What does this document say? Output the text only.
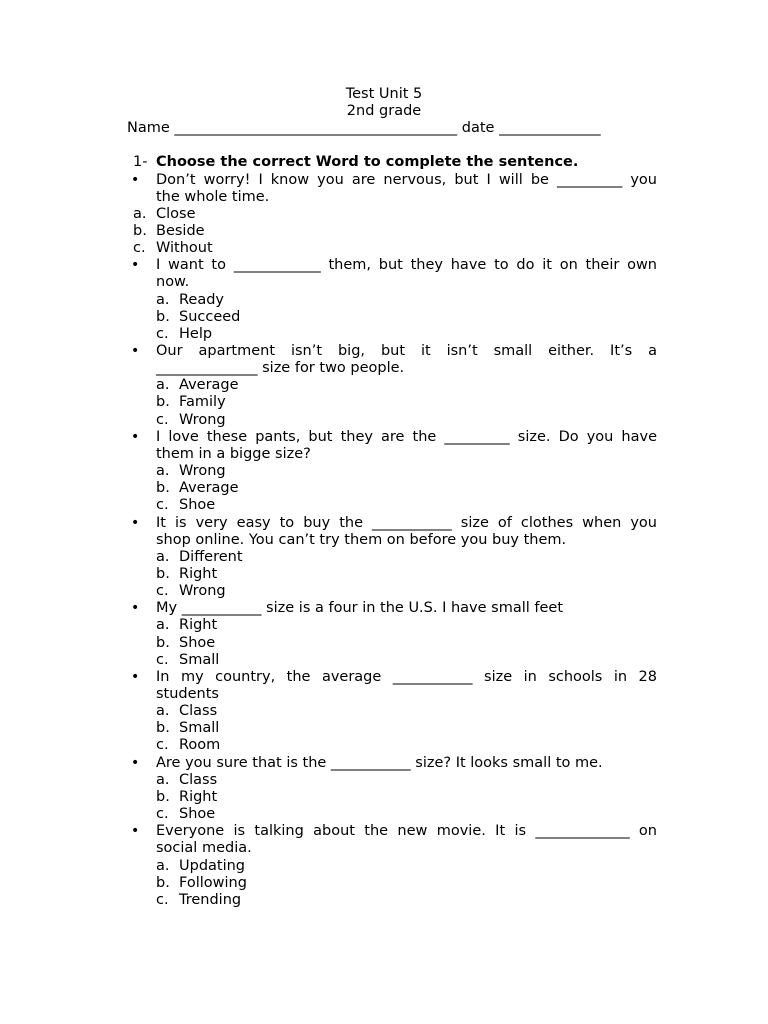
Test Unit 5
2nd grade
Name _______________________________________ date ______________
1- Choose the correct Word to complete the sentence.
• Don’t worry! I know you are nervous, but I will be _________ you
the whole time.
a. Close
b. Beside
c. Without
• I want to ____________ them, but they have to do it on their own
now.
a. Ready
b. Succeed
c. Help
• Our apartment isn’t big, but it isn’t small either. It’s a
______________ size for two people.
a. Average
b. Family
c. Wrong
• I love these pants, but they are the _________ size. Do you have
them in a bigge size?
a. Wrong
b. Average
c. Shoe
• It is very easy to buy the ___________ size of clothes when you
shop online. You can’t try them on before you buy them.
a. Different
b. Right
c. Wrong
• My ___________ size is a four in the U.S. I have small feet
a. Right
b. Shoe
c. Small
• In my country, the average ___________ size in schools in 28
students
a. Class
b. Small
c. Room
• Are you sure that is the ___________ size? It looks small to me.
a. Class
b. Right
c. Shoe
• Everyone is talking about the new movie. It is _____________ on
social media.
a. Updating
b. Following
c. Trending
